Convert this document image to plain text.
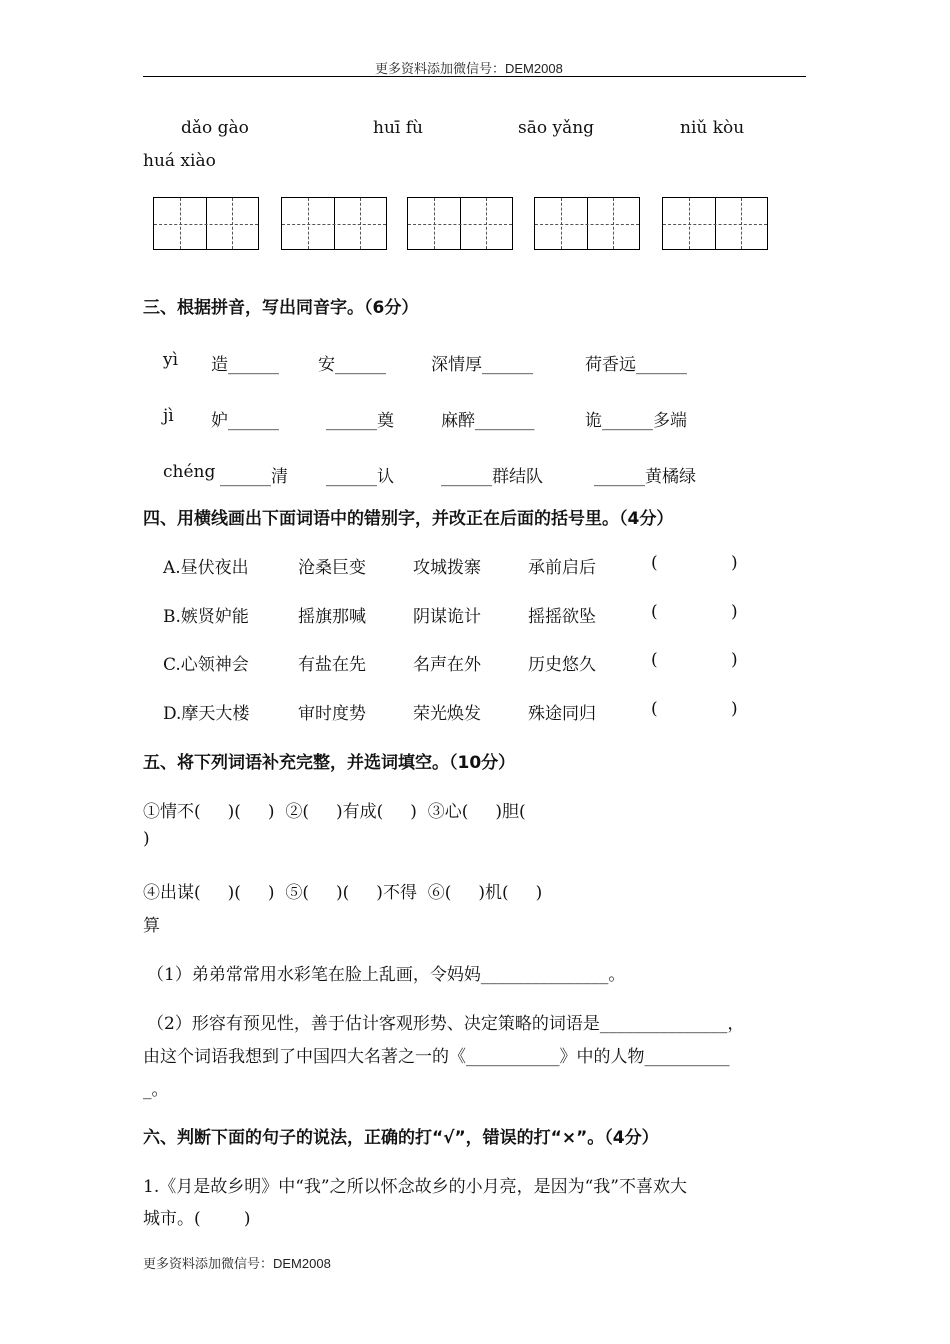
更多资料添加微信号：DEM2008
dǎo gào	huī fù	sāo yǎng	niǔ kòu
huá xiào
三、根据拼音，写出同音字。（6分）
yì 造______ 安______	深情厚______	荷香远______
jì 妒______	______奠	麻醉_______	诡______多端
chéng ______清 ______认	______群结队	______黄橘绿
四、用横线画出下面词语中的错别字，并改正在后面的括号里。（4分）
A.昼伏夜出	沧桑巨变	攻城拨寨	承前启后	(	)
B.嫉贤妒能	摇旗那喊	阴谋诡计	摇摇欲坠	(	)
C.心领神会	有盐在先	名声在外	历史悠久	(	)
D.摩天大楼	审时度势	荣光焕发	殊途同归	(	)
五、将下列词语补充完整，并选词填空。（10分）
①情不(     )(     )  ②(     )有成(     )  ③心(     )胆(
)
④出谋(     )(     )  ⑤(     )(     )不得  ⑥(     )机(     )
算
（1）弟弟常常用水彩笔在脸上乱画，令妈妈_______________。
（2）形容有预见性，善于估计客观形势、决定策略的词语是_______________，
由这个词语我想到了中国四大名著之一的《___________》中的人物__________
_。
六、判断下面的句子的说法，正确的打“√”，错误的打“×”。（4分）
1.《月是故乡明》中“我”之所以怀念故乡的小月亮，是因为“我”不喜欢大
城市。(        )
更多资料添加微信号：DEM2008
